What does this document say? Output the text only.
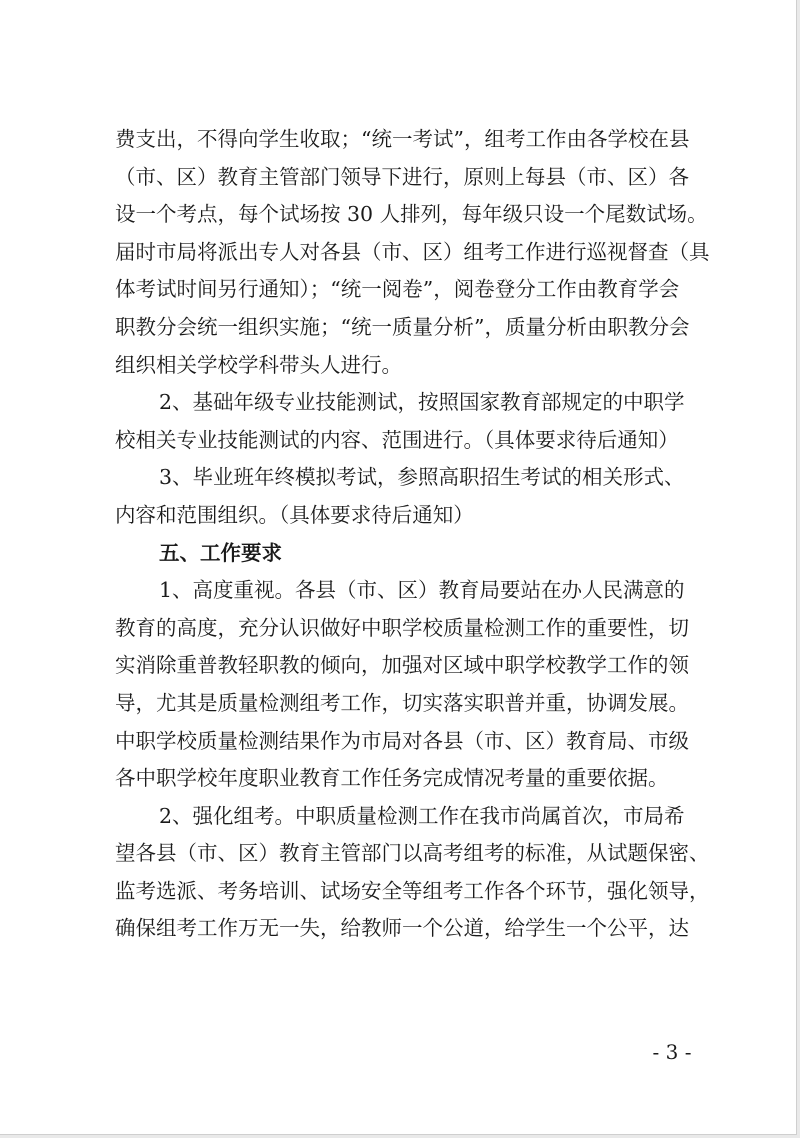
费支出，不得向学生收取；“统一考试”，组考工作由各学校在县
（市、区）教育主管部门领导下进行，原则上每县（市、区）各
设一个考点，每个试场按 30 人排列，每年级只设一个尾数试场。
届时市局将派出专人对各县（市、区）组考工作进行巡视督查（具
体考试时间另行通知）；“统一阅卷”，阅卷登分工作由教育学会
职教分会统一组织实施；“统一质量分析”，质量分析由职教分会
组织相关学校学科带头人进行。
2、基础年级专业技能测试，按照国家教育部规定的中职学
校相关专业技能测试的内容、范围进行。（具体要求待后通知）
3、毕业班年终模拟考试，参照高职招生考试的相关形式、
内容和范围组织。（具体要求待后通知）
五、工作要求
1、高度重视。各县（市、区）教育局要站在办人民满意的
教育的高度，充分认识做好中职学校质量检测工作的重要性，切
实消除重普教轻职教的倾向，加强对区域中职学校教学工作的领
导，尤其是质量检测组考工作，切实落实职普并重，协调发展。
中职学校质量检测结果作为市局对各县（市、区）教育局、市级
各中职学校年度职业教育工作任务完成情况考量的重要依据。
2、强化组考。中职质量检测工作在我市尚属首次，市局希
望各县（市、区）教育主管部门以高考组考的标准，从试题保密、
监考选派、考务培训、试场安全等组考工作各个环节，强化领导，
确保组考工作万无一失，给教师一个公道，给学生一个公平，达
- 3 -
